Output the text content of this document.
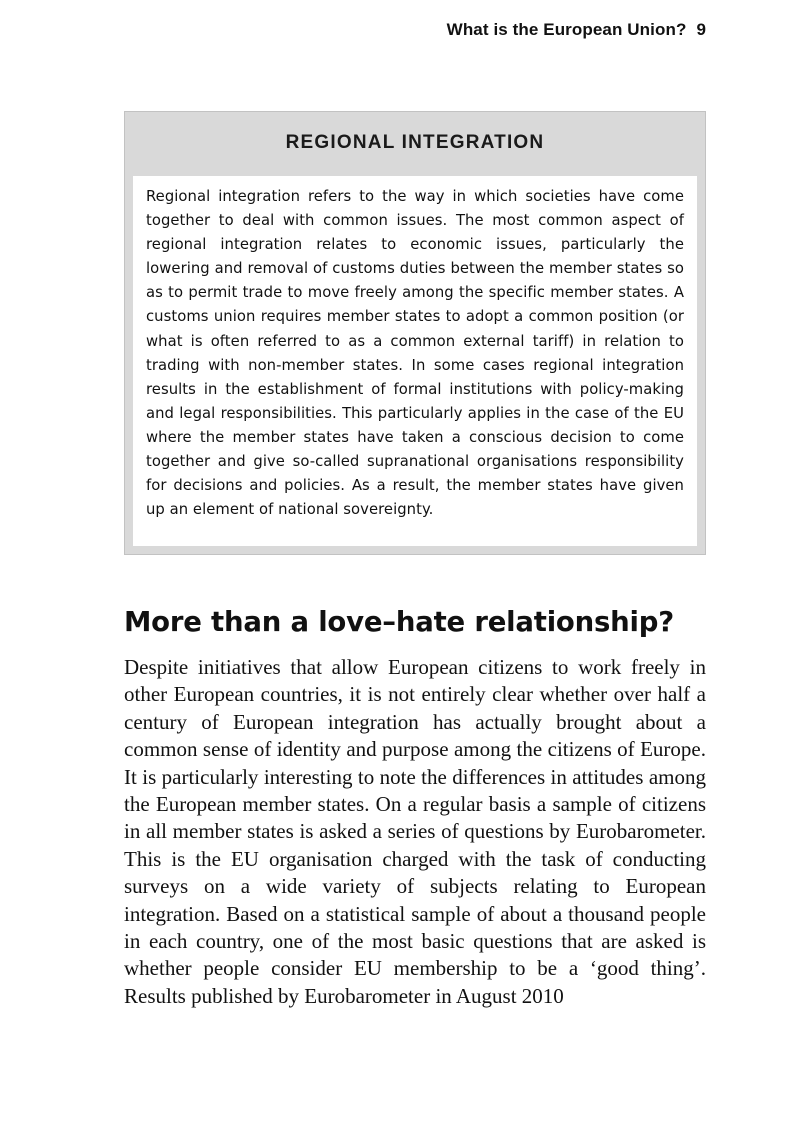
What is the European Union? 9
REGIONAL INTEGRATION

Regional integration refers to the way in which societies have come together to deal with common issues. The most common aspect of regional integration relates to economic issues, particularly the lowering and removal of customs duties between the member states so as to permit trade to move freely among the specific member states. A customs union requires member states to adopt a common position (or what is often referred to as a common external tariff) in relation to trading with non-member states. In some cases regional integration results in the establishment of formal institutions with policy-making and legal responsibilities. This particularly applies in the case of the EU where the member states have taken a conscious decision to come together and give so-called supranational organisations responsibility for decisions and policies. As a result, the member states have given up an element of national sovereignty.

More than a love–hate relationship?

Despite initiatives that allow European citizens to work freely in other European countries, it is not entirely clear whether over half a century of European integration has actually brought about a common sense of identity and purpose among the citizens of Europe. It is particularly interesting to note the differences in attitudes among the European member states. On a regular basis a sample of citizens in all member states is asked a series of questions by Eurobarometer. This is the EU organisation charged with the task of conducting surveys on a wide variety of subjects relating to European integration. Based on a statistical sample of about a thousand people in each country, one of the most basic questions that are asked is whether people consider EU membership to be a ‘good thing’. Results published by Eurobarometer in August 2010
